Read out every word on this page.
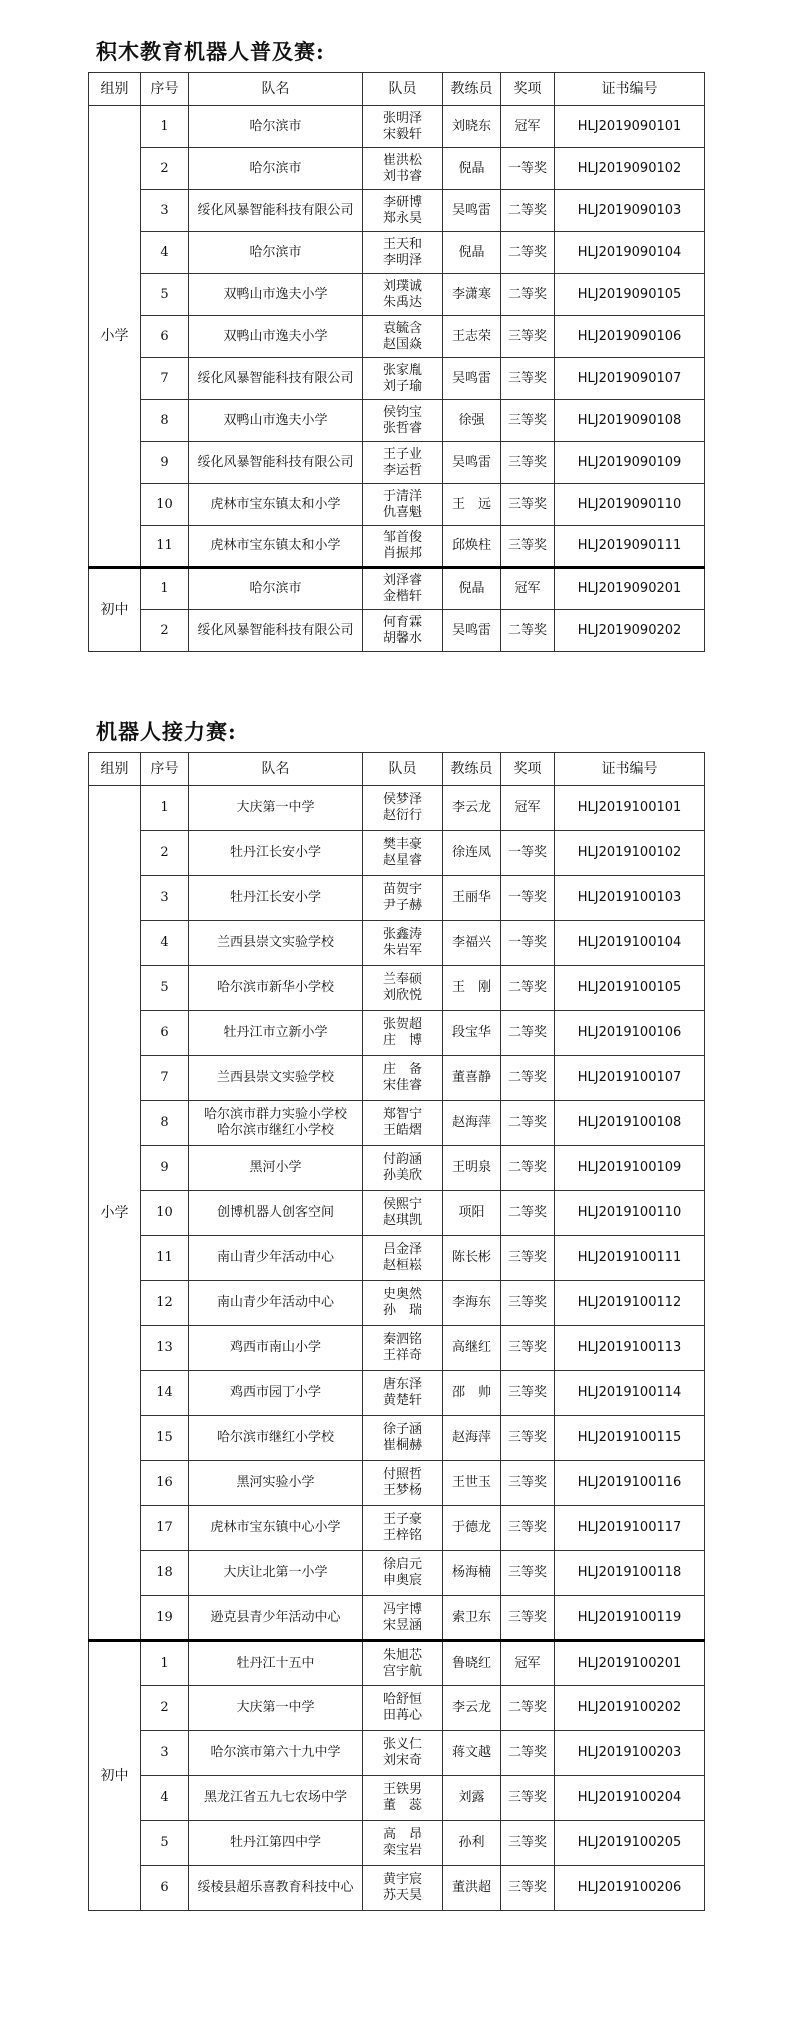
积木教育机器人普及赛:
组别	序号	队名	队员	教练员	奖项	证书编号
小学	1	哈尔滨市	张明泽
宋毅轩	刘晓东	冠军	HLJ2019090101
	2	哈尔滨市	崔洪松
刘书睿	倪晶	一等奖	HLJ2019090102
	3	绥化风暴智能科技有限公司	李研博
郑永昊	吴鸣雷	二等奖	HLJ2019090103
	4	哈尔滨市	王天和
李明泽	倪晶	二等奖	HLJ2019090104
	5	双鸭山市逸夫小学	刘璞诚
朱禹达	李潇寒	二等奖	HLJ2019090105
	6	双鸭山市逸夫小学	袁毓含
赵国焱	王志荣	三等奖	HLJ2019090106
	7	绥化风暴智能科技有限公司	张家胤
刘子瑜	吴鸣雷	三等奖	HLJ2019090107
	8	双鸭山市逸夫小学	侯钧宝
张哲睿	徐强	三等奖	HLJ2019090108
	9	绥化风暴智能科技有限公司	王子业
李运哲	吴鸣雷	三等奖	HLJ2019090109
	10	虎林市宝东镇太和小学	于清洋
仇喜魁	王　远	三等奖	HLJ2019090110
	11	虎林市宝东镇太和小学	邹首俊
肖振邦	邱焕柱	三等奖	HLJ2019090111
初中	1	哈尔滨市	刘泽睿
金楷轩	倪晶	冠军	HLJ2019090201
	2	绥化风暴智能科技有限公司	何育霖
胡馨水	吴鸣雷	二等奖	HLJ2019090202
机器人接力赛:
组别	序号	队名	队员	教练员	奖项	证书编号
小学	1	大庆第一中学	侯梦泽
赵衍行	李云龙	冠军	HLJ2019100101
	2	牡丹江长安小学	樊丰豪
赵星睿	徐连凤	一等奖	HLJ2019100102
	3	牡丹江长安小学	苗贺宇
尹子赫	王丽华	一等奖	HLJ2019100103
	4	兰西县崇文实验学校	张鑫涛
朱岩军	李福兴	一等奖	HLJ2019100104
	5	哈尔滨市新华小学校	兰奉硕
刘欣悦	王　刚	二等奖	HLJ2019100105
	6	牡丹江市立新小学	张贺超
庄　博	段宝华	二等奖	HLJ2019100106
	7	兰西县崇文实验学校	庄　备
宋佳睿	董喜静	二等奖	HLJ2019100107
	8	哈尔滨市群力实验小学校
哈尔滨市继红小学校	郑智宁
王皓熠	赵海萍	二等奖	HLJ2019100108
	9	黑河小学	付韵涵
孙美欣	王明泉	二等奖	HLJ2019100109
	10	创博机器人创客空间	侯熙宁
赵琪凯	项阳	二等奖	HLJ2019100110
	11	南山青少年活动中心	吕金泽
赵桓崧	陈长彬	三等奖	HLJ2019100111
	12	南山青少年活动中心	史奥然
孙　瑞	李海东	三等奖	HLJ2019100112
	13	鸡西市南山小学	秦泗铭
王祥奇	高继红	三等奖	HLJ2019100113
	14	鸡西市园丁小学	唐东泽
黄楚轩	邵　帅	三等奖	HLJ2019100114
	15	哈尔滨市继红小学校	徐子涵
崔桐赫	赵海萍	三等奖	HLJ2019100115
	16	黑河实验小学	付照哲
王梦杨	王世玉	三等奖	HLJ2019100116
	17	虎林市宝东镇中心小学	王子豪
王梓铭	于德龙	三等奖	HLJ2019100117
	18	大庆让北第一小学	徐启元
申奥宸	杨海楠	三等奖	HLJ2019100118
	19	逊克县青少年活动中心	冯宇博
宋昱涵	索卫东	三等奖	HLJ2019100119
初中	1	牡丹江十五中	朱旭芯
宫宇航	鲁晓红	冠军	HLJ2019100201
	2	大庆第一中学	哈舒恒
田苒心	李云龙	二等奖	HLJ2019100202
	3	哈尔滨市第六十九中学	张义仁
刘宋奇	蒋文越	二等奖	HLJ2019100203
	4	黑龙江省五九七农场中学	王铁男
董　蕊	刘露	三等奖	HLJ2019100204
	5	牡丹江第四中学	高　昂
栾宝岩	孙利	三等奖	HLJ2019100205
	6	绥棱县超乐喜教育科技中心	黄宇宸
苏天昊	董洪超	三等奖	HLJ2019100206
